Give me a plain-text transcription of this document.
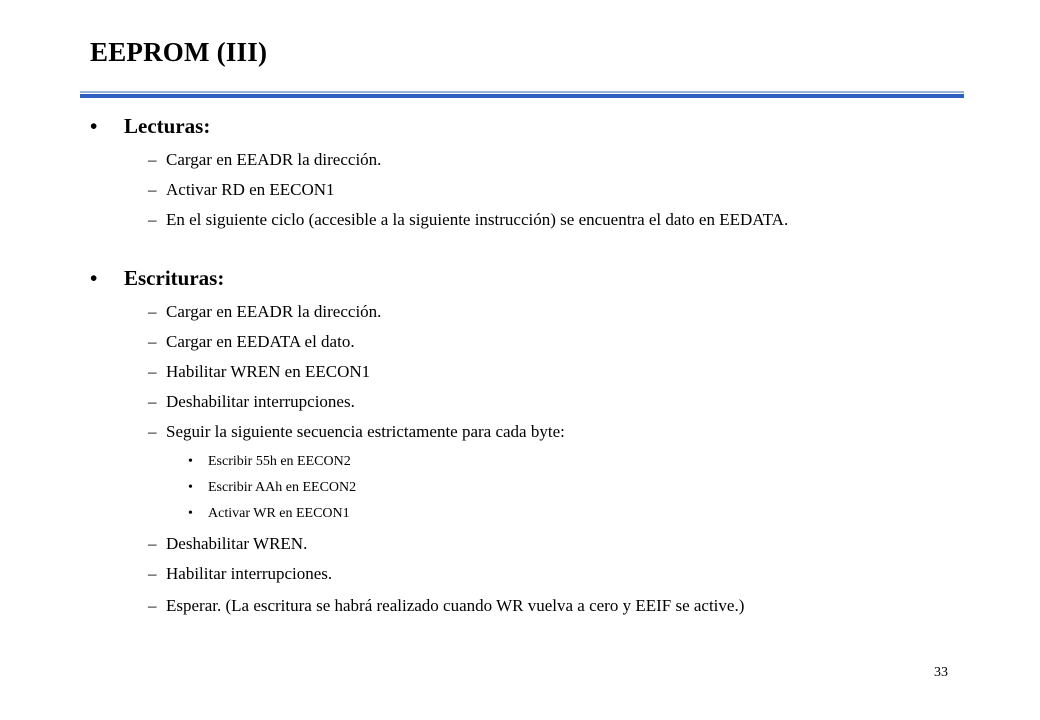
EEPROM (III)
•	Lecturas:
– Cargar en EEADR la dirección.
– Activar RD en EECON1
– En el siguiente ciclo (accesible a la siguiente instrucción) se encuentra el dato en EEDATA.
•	Escrituras:
– Cargar en EEADR la dirección.
– Cargar en EEDATA el dato.
– Habilitar WREN en EECON1
– Deshabilitar interrupciones.
– Seguir la siguiente secuencia estrictamente para cada byte:
• Escribir 55h en EECON2
• Escribir AAh en EECON2
• Activar WR en EECON1
– Deshabilitar WREN.
– Habilitar interrupciones.
– Esperar. (La escritura se habrá realizado cuando WR vuelva a cero y EEIF se active.)
33
